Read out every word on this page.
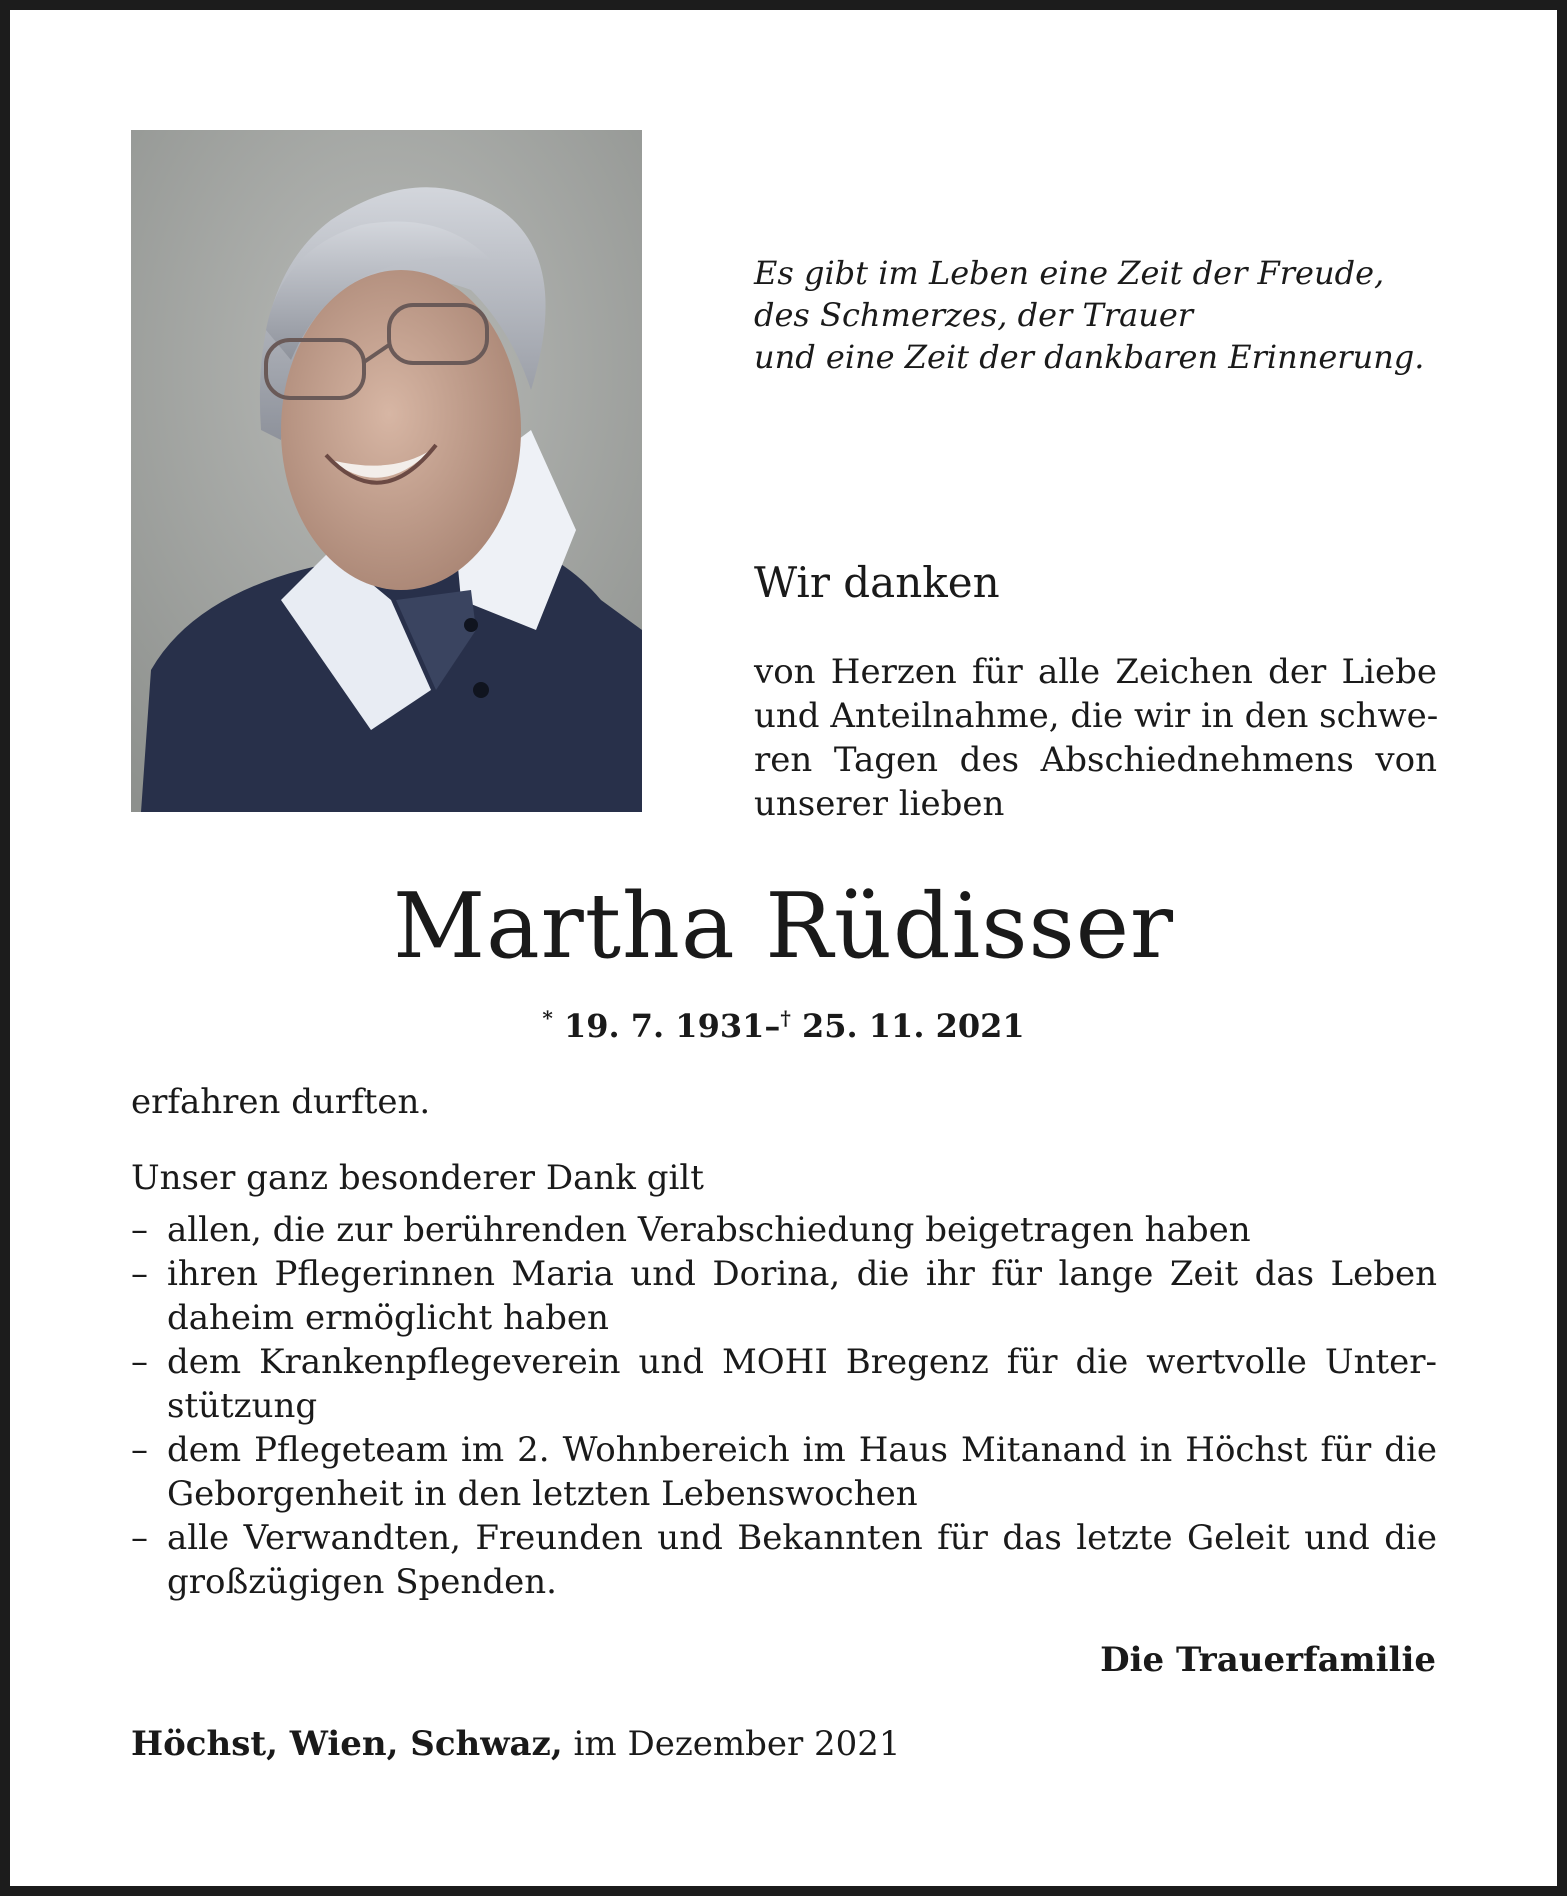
Es gibt im Leben eine Zeit der Freude,
des Schmerzes, der Trauer
und eine Zeit der dankbaren Erinnerung.
Wir danken
von Herzen für alle Zeichen der Liebe
und Anteilnahme, die wir in den schwe-
ren Tagen des Abschiednehmens von
unserer lieben
Martha Rüdisser
* 19. 7. 1931–† 25. 11. 2021
erfahren durften.
Unser ganz besonderer Dank gilt
– allen, die zur berührenden Verabschiedung beigetragen haben
– ihren Pflegerinnen Maria und Dorina, die ihr für lange Zeit das Leben
daheim ermöglicht haben
– dem Krankenpflegeverein und MOHI Bregenz für die wertvolle Unter-
stützung
– dem Pflegeteam im 2. Wohnbereich im Haus Mitanand in Höchst für die
Geborgenheit in den letzten Lebenswochen
– alle Verwandten, Freunden und Bekannten für das letzte Geleit und die
großzügigen Spenden.
Die Trauerfamilie
Höchst, Wien, Schwaz, im Dezember 2021
